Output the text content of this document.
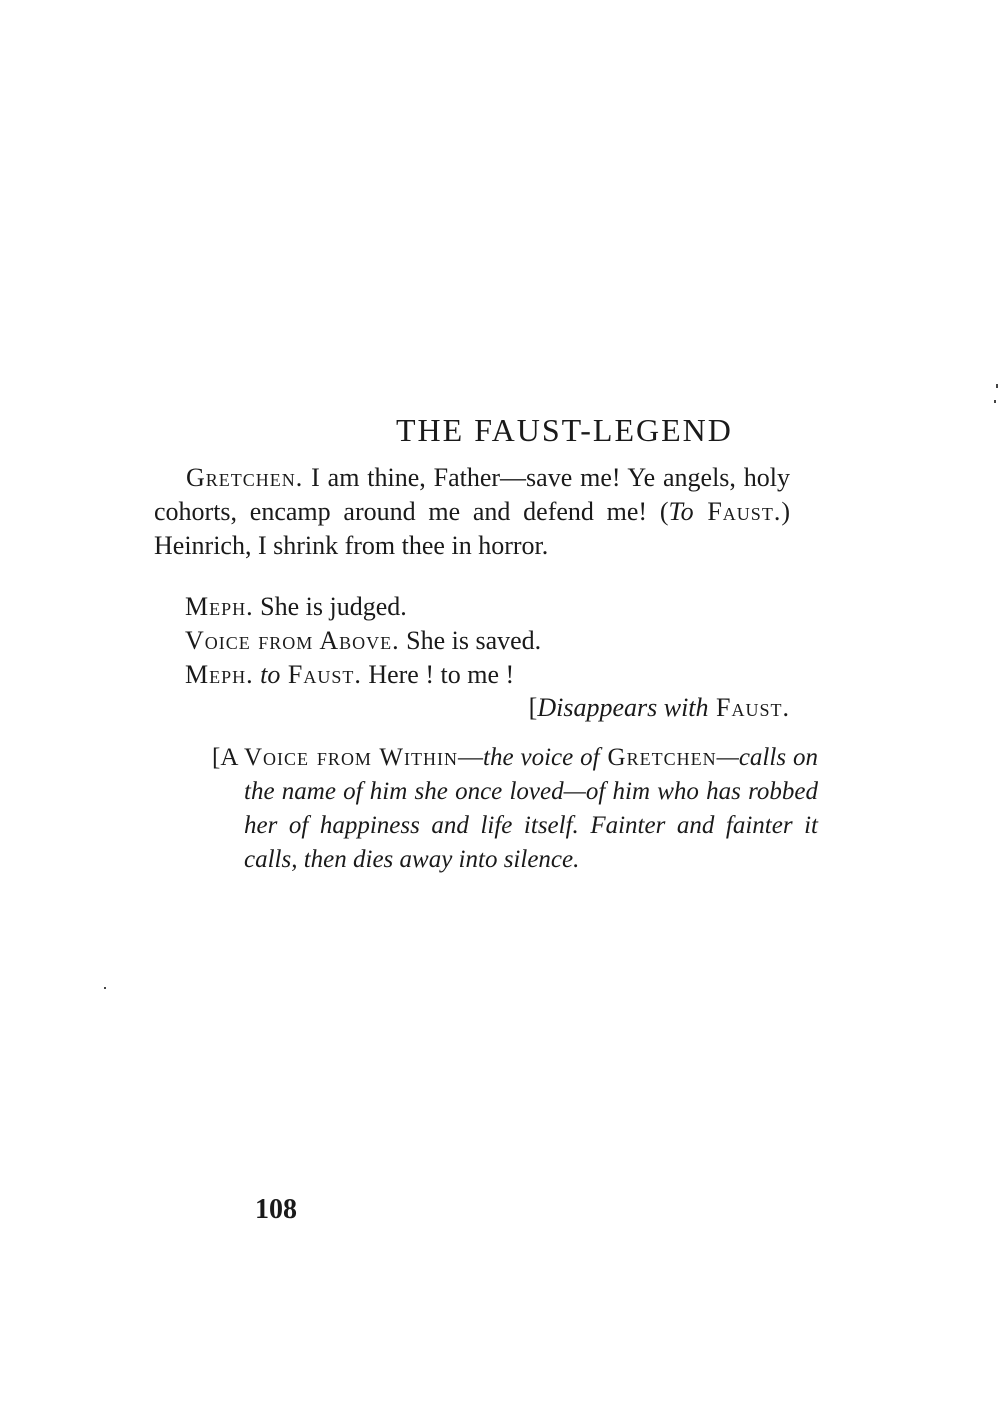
THE FAUST-LEGEND
Gretchen. I am thine, Father—save me! Ye angels, holy cohorts, encamp around me and defend me! (To Faust.) Heinrich, I shrink from thee in horror.
Meph. She is judged.
Voice from Above. She is saved.
Meph. to Faust. Here ! to me !
[Disappears with Faust.
[A Voice from Within—the voice of Gretchen—calls on the name of him she once loved—of him who has robbed her of happiness and life itself. Fainter and fainter it calls, then dies away into silence.
108
